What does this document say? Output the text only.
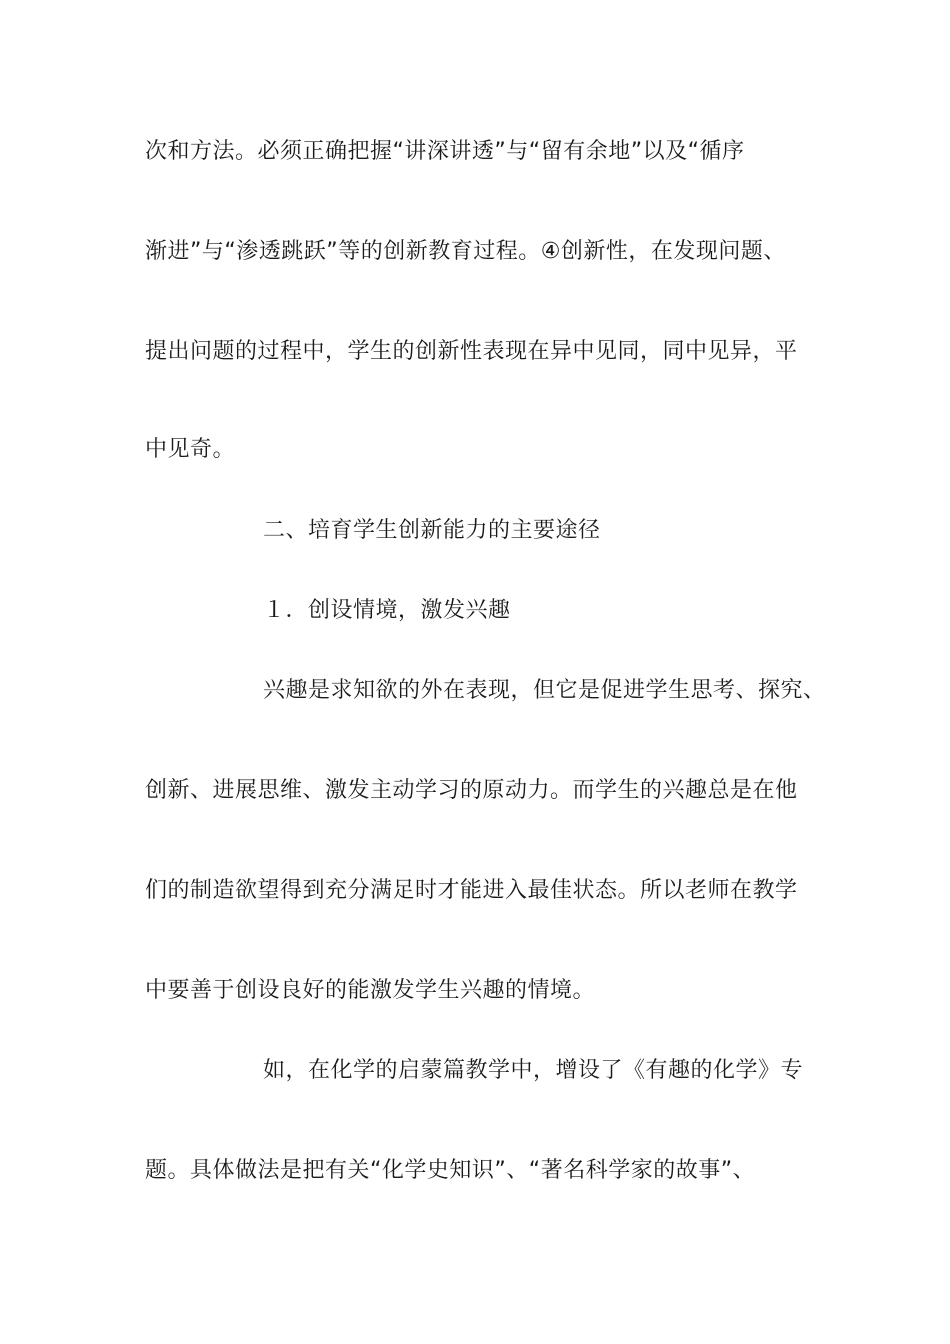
次和方法。必须正确把握“讲深讲透”与“留有余地”以及“循序
渐进”与“渗透跳跃”等的创新教育过程。④创新性，在发现问题、
提出问题的过程中，学生的创新性表现在异中见同，同中见异，平
中见奇。
二、培育学生创新能力的主要途径
１．创设情境，激发兴趣
兴趣是求知欲的外在表现，但它是促进学生思考、探究、
创新、进展思维、激发主动学习的原动力。而学生的兴趣总是在他
们的制造欲望得到充分满足时才能进入最佳状态。所以老师在教学
中要善于创设良好的能激发学生兴趣的情境。
如，在化学的启蒙篇教学中，增设了《有趣的化学》专
题。具体做法是把有关“化学史知识”、“著名科学家的故事”、
